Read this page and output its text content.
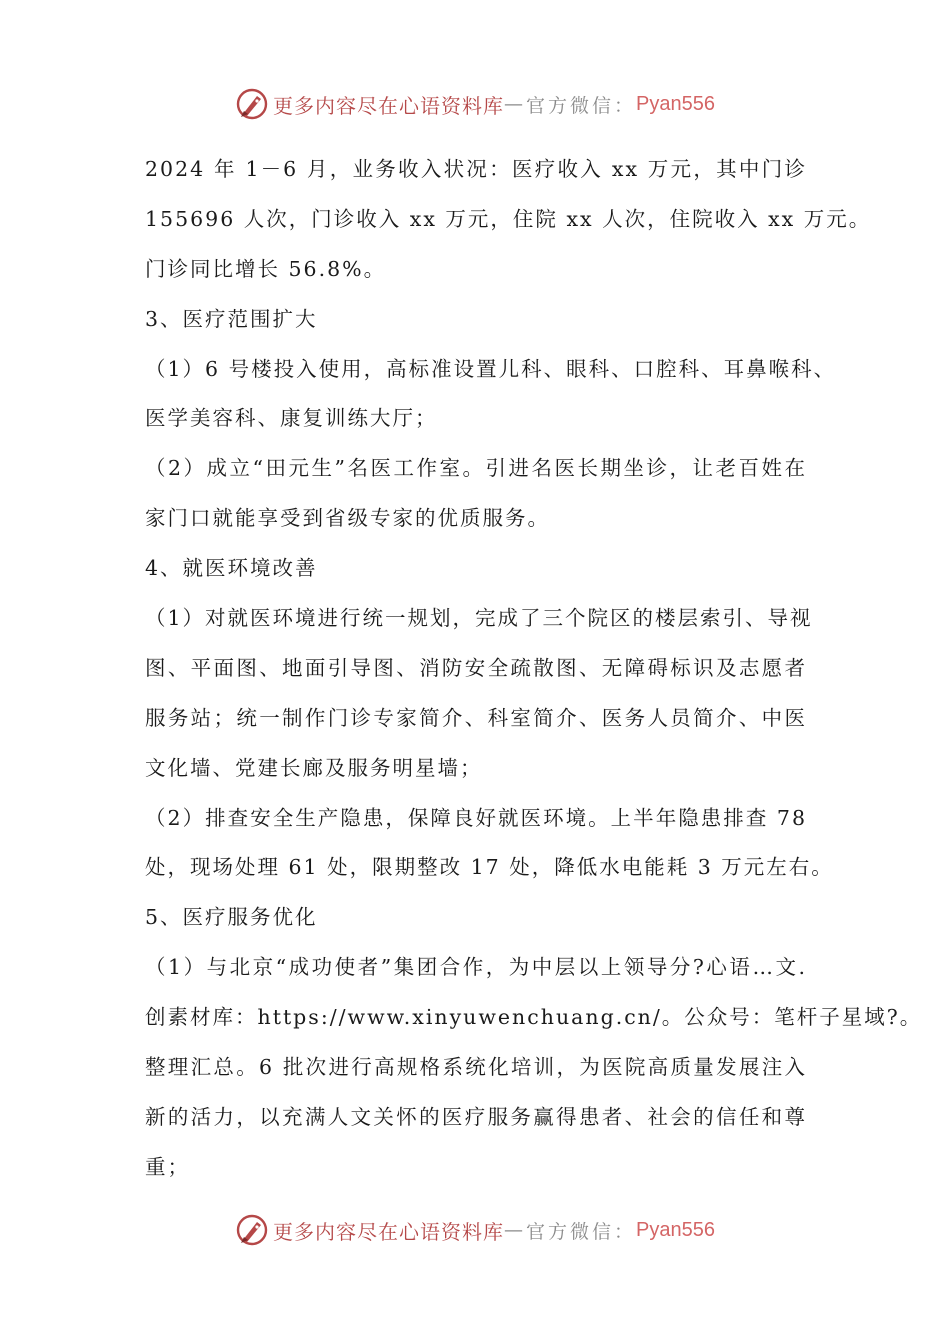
更多内容尽在心语资料库 — 官方微信： Pyan556
2024 年 1－6 月，业务收入状况：医疗收入 xx 万元，其中门诊
155696 人次，门诊收入 xx 万元，住院 xx 人次，住院收入 xx 万元。
门诊同比增长 56.8%。
3、医疗范围扩大
（1）6 号楼投入使用，高标准设置儿科、眼科、口腔科、耳鼻喉科、
医学美容科、康复训练大厅；
（2）成立“田元生”名医工作室。引进名医长期坐诊，让老百姓在
家门口就能享受到省级专家的优质服务。
4、就医环境改善
（1）对就医环境进行统一规划，完成了三个院区的楼层索引、导视
图、平面图、地面引导图、消防安全疏散图、无障碍标识及志愿者
服务站；统一制作门诊专家简介、科室简介、医务人员简介、中医
文化墙、党建长廊及服务明星墙；
（2）排查安全生产隐患，保障良好就医环境。上半年隐患排查 78
处，现场处理 61 处，限期整改 17 处，降低水电能耗 3 万元左右。
5、医疗服务优化
（1）与北京“成功使者”集团合作，为中层以上领导分?心语…文.
创素材库：https://www.xinyuwenchuang.cn/。公众号：笔杆子星域?。
整理汇总。6 批次进行高规格系统化培训，为医院高质量发展注入
新的活力，以充满人文关怀的医疗服务赢得患者、社会的信任和尊
重；
更多内容尽在心语资料库 — 官方微信： Pyan556
